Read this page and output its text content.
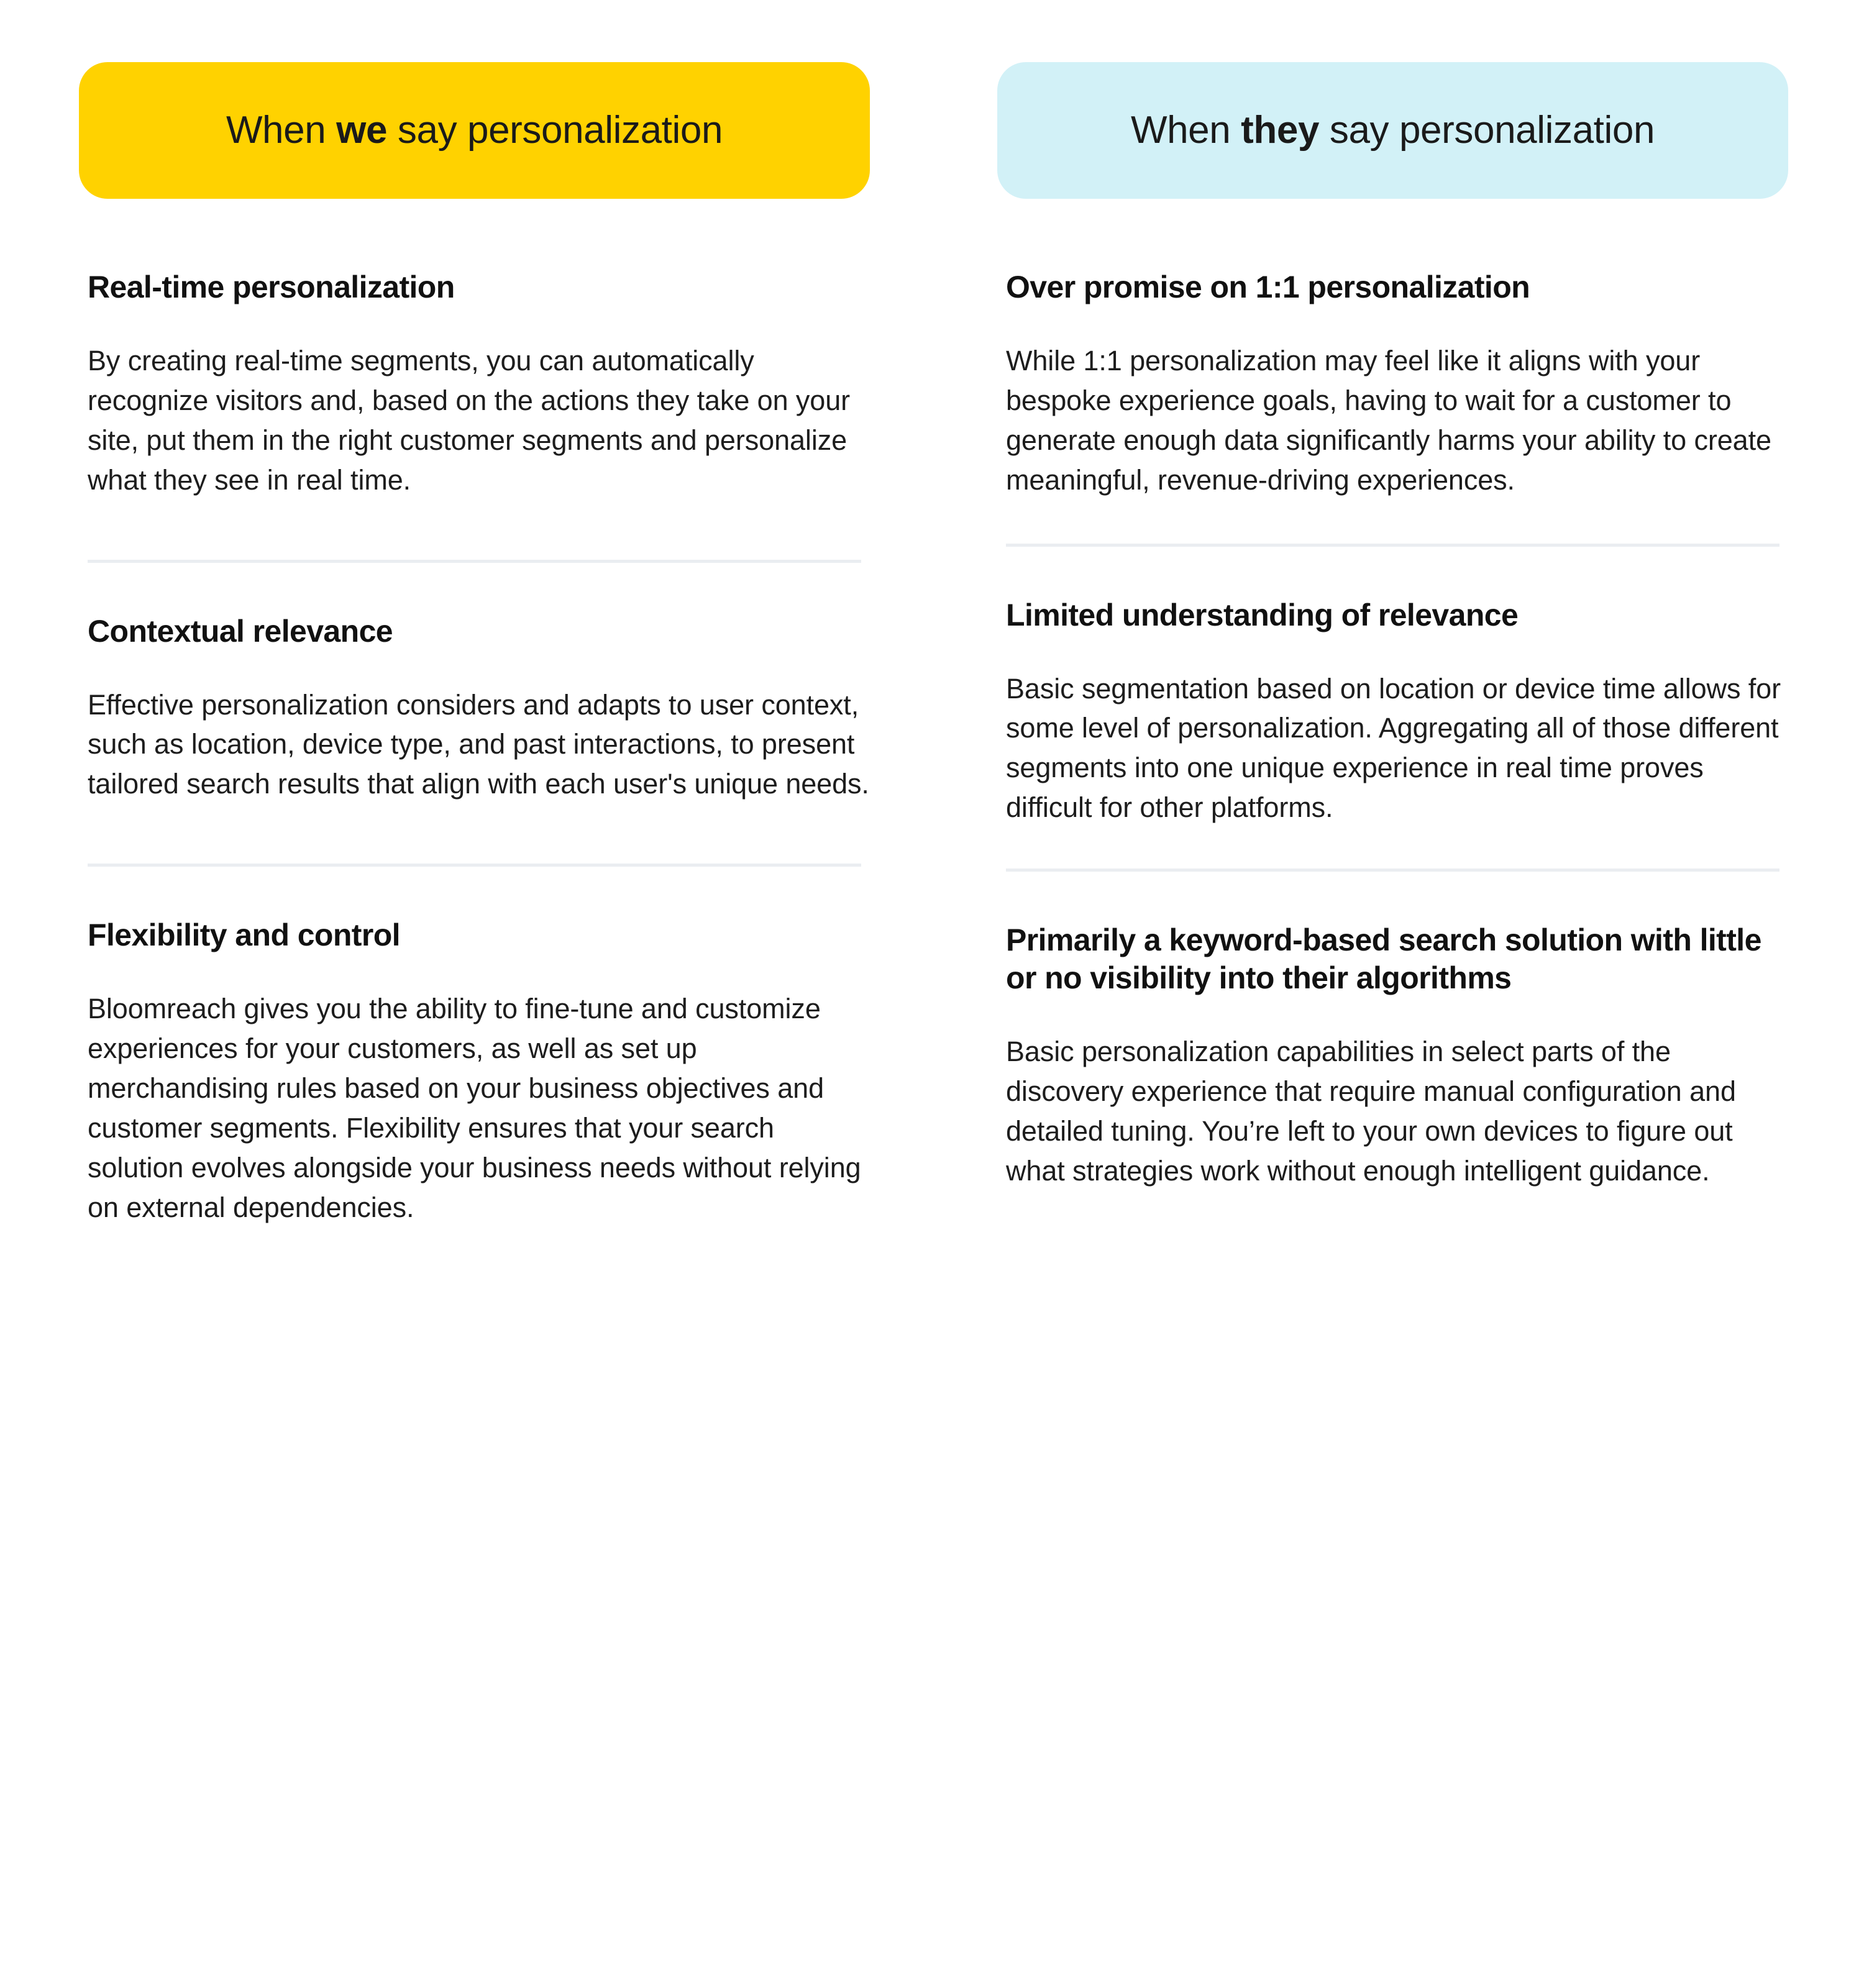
When we say personalization
Real-time personalization

By creating real-time segments, you can automatically recognize visitors and, based on the actions they take on your site, put them in the right customer segments and personalize what they see in real time.

Contextual relevance

Effective personalization considers and adapts to user context, such as location, device type, and past interactions, to present tailored search results that align with each user's unique needs.

Flexibility and control

Bloomreach gives you the ability to fine-tune and customize experiences for your customers, as well as set up merchandising rules based on your business objectives and customer segments. Flexibility ensures that your search solution evolves alongside your business needs without relying on external dependencies.

When they say personalization
Over promise on 1:1 personalization

While 1:1 personalization may feel like it aligns with your bespoke experience goals, having to wait for a customer to generate enough data significantly harms your ability to create meaningful, revenue-driving experiences.

Limited understanding of relevance

Basic segmentation based on location or device time allows for some level of personalization. Aggregating all of those different segments into one unique experience in real time proves difficult for other platforms.

Primarily a keyword-based search solution with little or no visibility into their algorithms

Basic personalization capabilities in select parts of the discovery experience that require manual configuration and detailed tuning. You’re left to your own devices to figure out what strategies work without enough intelligent guidance.
